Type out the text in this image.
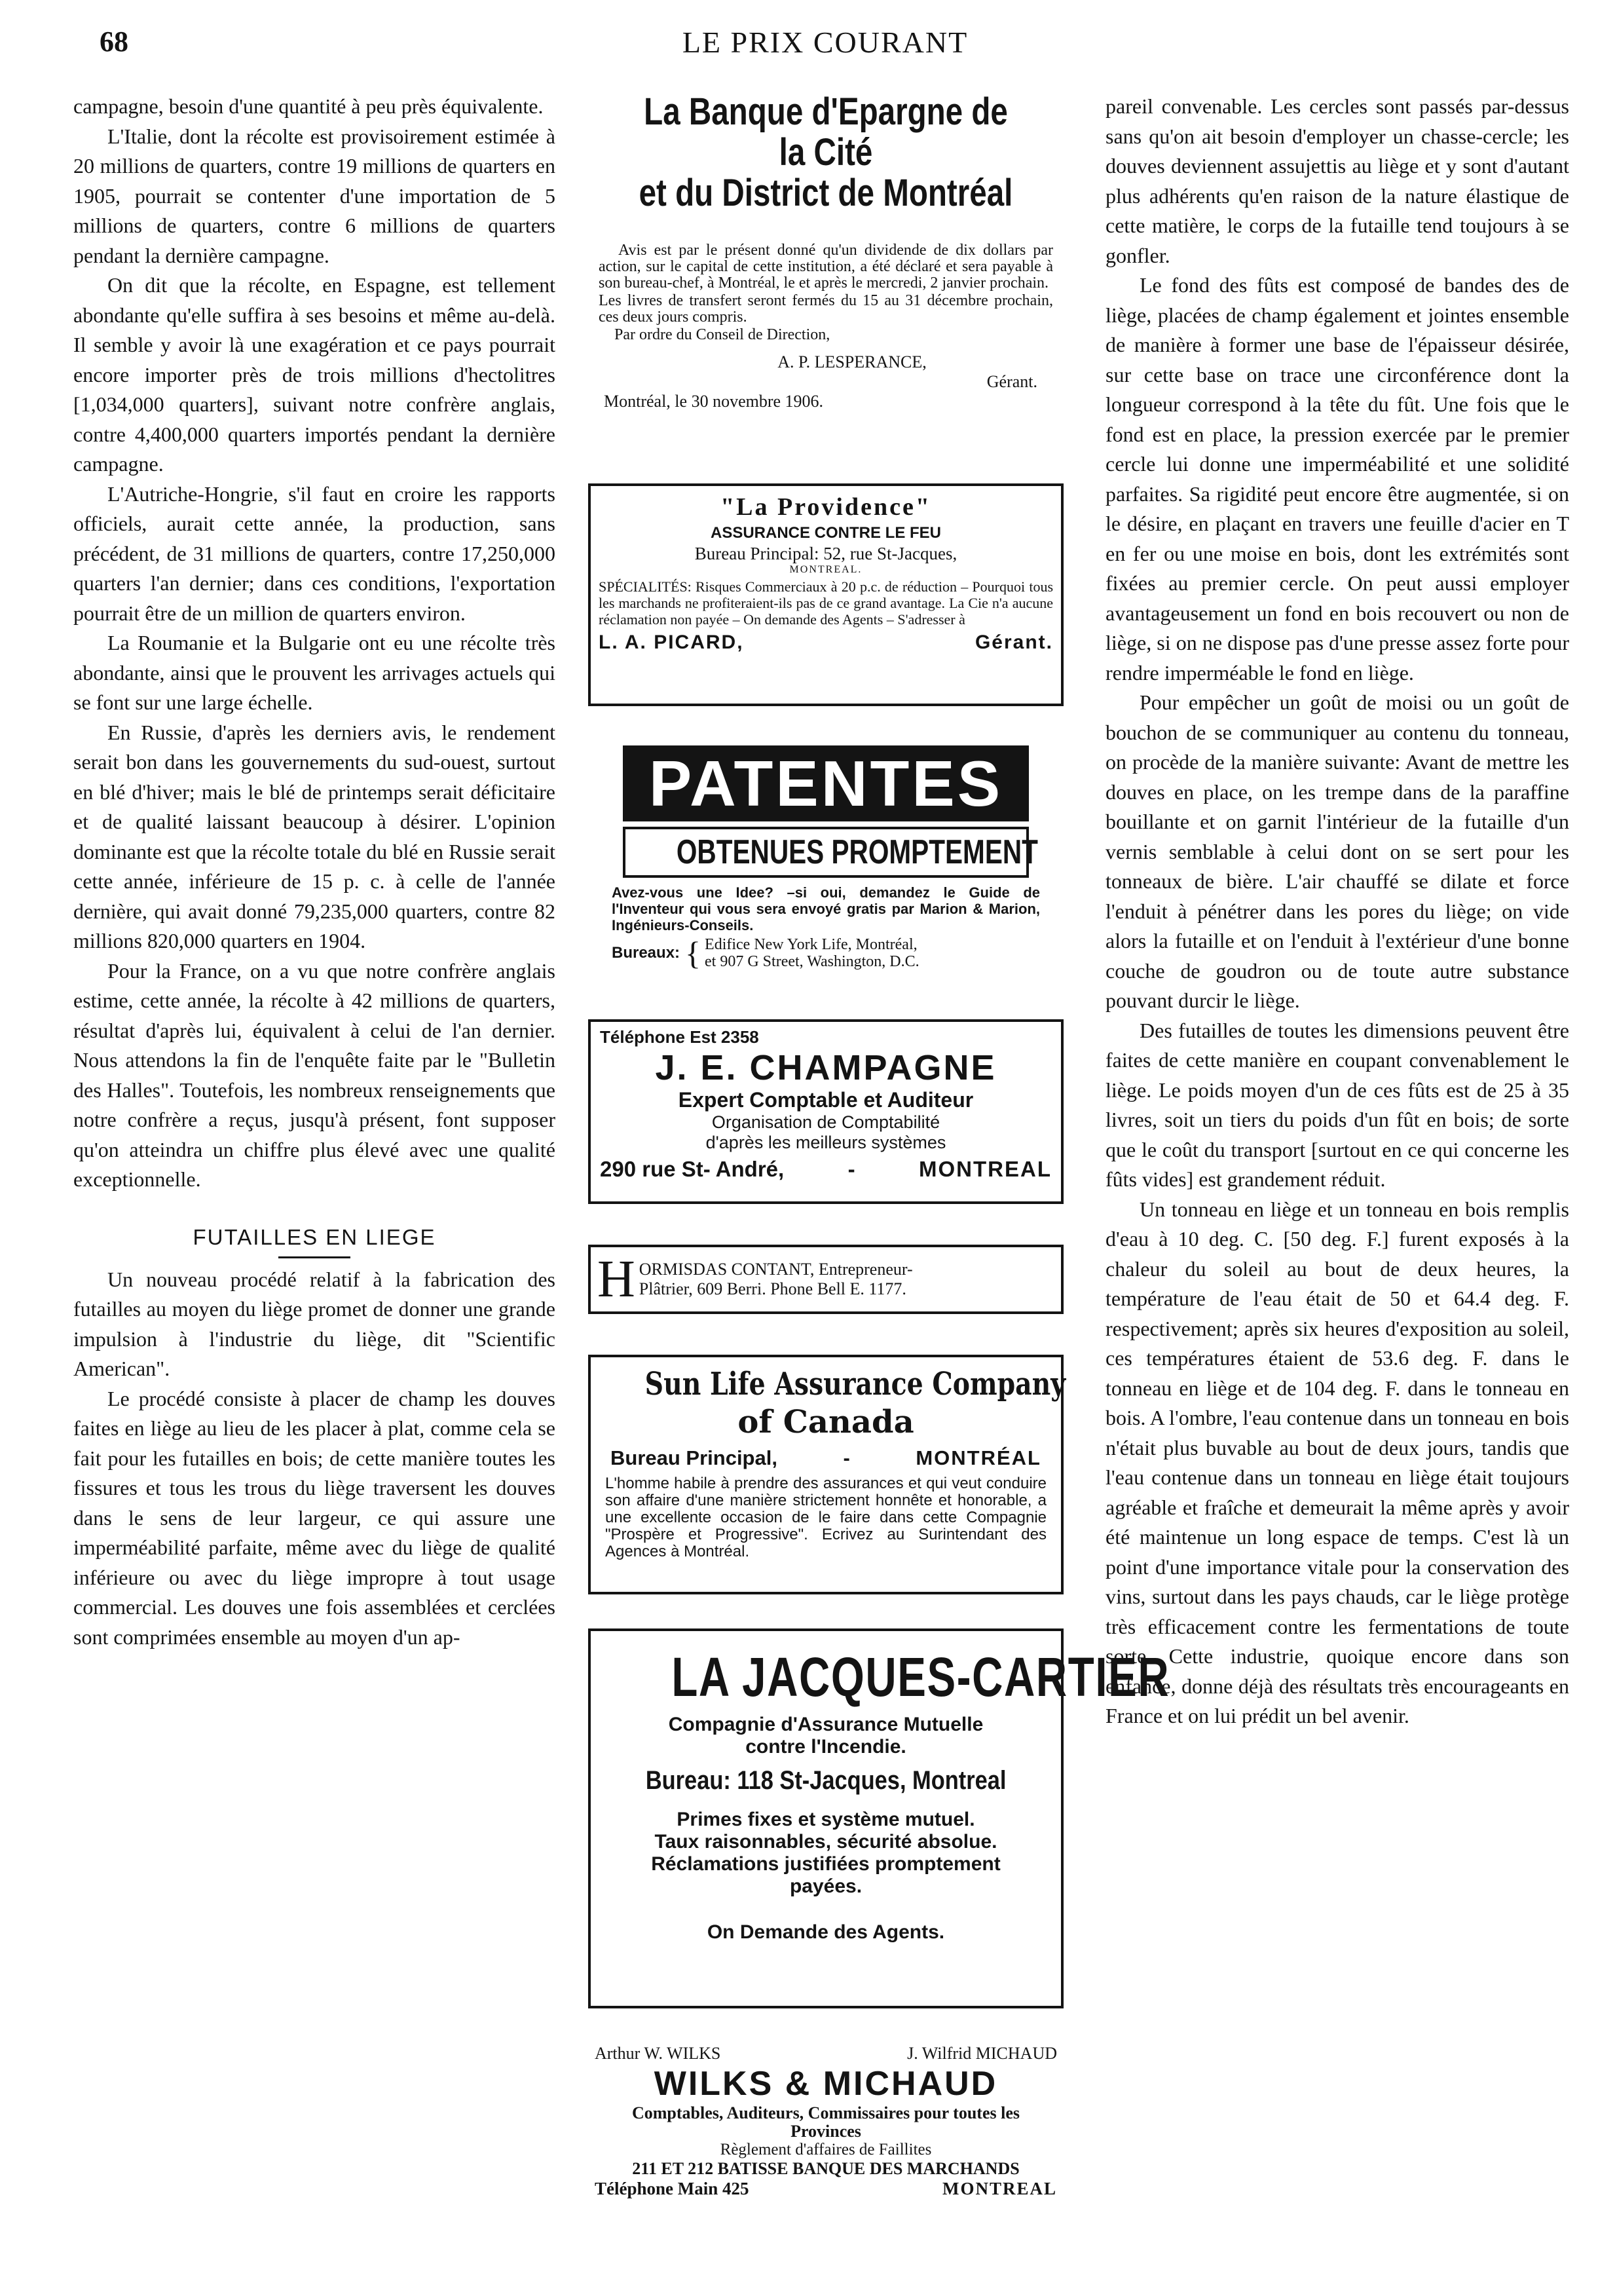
68	LE PRIX COURANT

campagne, besoin d'une quantité à peu près équivalente.

L'Italie, dont la récolte est provisoirement estimée à 20 millions de quarters, contre 19 millions de quarters en 1905, pourrait se contenter d'une importation de 5 millions de quarters, contre 6 millions de quarters pendant la dernière campagne.

On dit que la récolte, en Espagne, est tellement abondante qu'elle suffira à ses besoins et même au-delà. Il semble y avoir là une exagération et ce pays pourrait encore importer près de trois millions d'hectolitres [1,034,000 quarters], suivant notre confrère anglais, contre 4,400,000 quarters importés pendant la dernière campagne.

L'Autriche-Hongrie, s'il faut en croire les rapports officiels, aurait cette année, la production, sans précédent, de 31 millions de quarters, contre 17,250,000 quarters l'an dernier; dans ces conditions, l'exportation pourrait être de un million de quarters environ.

La Roumanie et la Bulgarie ont eu une récolte très abondante, ainsi que le prouvent les arrivages actuels qui se font sur une large échelle.

En Russie, d'après les derniers avis, le rendement serait bon dans les gouvernements du sud-ouest, surtout en blé d'hiver; mais le blé de printemps serait déficitaire et de qualité laissant beaucoup à désirer. L'opinion dominante est que la récolte totale du blé en Russie serait cette année, inférieure de 15 p. c. à celle de l'année dernière, qui avait donné 79,235,000 quarters, contre 82 millions 820,000 quarters en 1904.

Pour la France, on a vu que notre confrère anglais estime, cette année, la récolte à 42 millions de quarters, résultat d'après lui, équivalent à celui de l'an dernier. Nous attendons la fin de l'enquête faite par le "Bulletin des Halles". Toutefois, les nombreux renseignements que notre confrère a reçus, jusqu'à présent, font supposer qu'on atteindra un chiffre plus élevé avec une qualité exceptionnelle.

FUTAILLES EN LIEGE

Un nouveau procédé relatif à la fabrication des futailles au moyen du liège promet de donner une grande impulsion à l'industrie du liège, dit "Scientific American".

Le procédé consiste à placer de champ les douves faites en liège au lieu de les placer à plat, comme cela se fait pour les futailles en bois; de cette manière toutes les fissures et tous les trous du liège traversent les douves dans le sens de leur largeur, ce qui assure une imperméabilité parfaite, même avec du liège de qualité inférieure ou avec du liège impropre à tout usage commercial. Les douves une fois assemblées et cerclées sont comprimées ensemble au moyen d'un ap-

pareil convenable. Les cercles sont passés par-dessus sans qu'on ait besoin d'employer un chasse-cercle; les douves deviennent assujettis au liège et y sont d'autant plus adhérents qu'en raison de la nature élastique de cette matière, le corps de la futaille tend toujours à se gonfler.

Le fond des fûts est composé de bandes des de liège, placées de champ également et jointes ensemble de manière à former une base de l'épaisseur désirée, sur cette base on trace une circonférence dont la longueur correspond à la tête du fût. Une fois que le fond est en place, la pression exercée par le premier cercle lui donne une imperméabilité et une solidité parfaites. Sa rigidité peut encore être augmentée, si on le désire, en plaçant en travers une feuille d'acier en T en fer ou une moise en bois, dont les extrémités sont fixées au premier cercle. On peut aussi employer avantageusement un fond en bois recouvert ou non de liège, si on ne dispose pas d'une presse assez forte pour rendre imperméable le fond en liège.

Pour empêcher un goût de moisi ou un goût de bouchon de se communiquer au contenu du tonneau, on procède de la manière suivante: Avant de mettre les douves en place, on les trempe dans de la paraffine bouillante et on garnit l'intérieur de la futaille d'un vernis semblable à celui dont on se sert pour les tonneaux de bière. L'air chauffé se dilate et force l'enduit à pénétrer dans les pores du liège; on vide alors la futaille et on l'enduit à l'extérieur d'une bonne couche de goudron ou de toute autre substance pouvant durcir le liège.

Des futailles de toutes les dimensions peuvent être faites de cette manière en coupant convenablement le liège. Le poids moyen d'un de ces fûts est de 25 à 35 livres, soit un tiers du poids d'un fût en bois; de sorte que le coût du transport [surtout en ce qui concerne les fûts vides] est grandement réduit.

Un tonneau en liège et un tonneau en bois remplis d'eau à 10 deg. C. [50 deg. F.] furent exposés à la chaleur du soleil au bout de deux heures, la température de l'eau était de 50 et 64.4 deg. F. respectivement; après six heures d'exposition au soleil, ces températures étaient de 53.6 deg. F. dans le tonneau en liège et de 104 deg. F. dans le tonneau en bois. A l'ombre, l'eau contenue dans un tonneau en bois n'était plus buvable au bout de deux jours, tandis que l'eau contenue dans un tonneau en liège était toujours agréable et fraîche et demeurait la même après y avoir été maintenue un long espace de temps. C'est là un point d'une importance vitale pour la conservation des vins, surtout dans les pays chauds, car le liège protège très efficacement contre les fermentations de toute sorte. Cette industrie, quoique encore dans son enfance, donne déjà des résultats très encourageants en France et on lui prédit un bel avenir.

La Banque d'Epargne de la Cité
et du District de Montréal
Avis est par le présent donné qu'un dividende de dix dollars par action, sur le capital de cette institution, a été déclaré et sera payable à son bureau-chef, à Montréal, le et après le mercredi, 2 janvier prochain.
Les livres de transfert seront fermés du 15 au 31 décembre prochain, ces deux jours compris.
Par ordre du Conseil de Direction,
A. P. LESPERANCE,
Gérant.
Montréal, le 30 novembre 1906.
"La Providence"
ASSURANCE CONTRE LE FEU
Bureau Principal: 52, rue St-Jacques,
MONTREAL.
SPÉCIALITÉS: Risques Commerciaux à 20 p.c. de réduction – Pourquoi tous les marchands ne profiteraient-ils pas de ce grand avantage. La Cie n'a aucune réclamation non payée – On demande des Agents – S'adresser à
L. A. PICARD,	Gérant.
PATENTES
OBTENUES PROMPTEMENT
Avez-vous une Idee? –si oui, demandez le Guide de l'Inventeur qui vous sera envoyé gratis par Marion & Marion, Ingénieurs-Conseils.
Bureaux: { Edifice New York Life, Montréal,
et 907 G Street, Washington, D.C.
Téléphone Est 2358
J. E. CHAMPAGNE
Expert Comptable et Auditeur
Organisation de Comptabilité
d'après les meilleurs systèmes
290 rue St- André,	-	MONTREAL
H ORMISDAS CONTANT, Entrepreneur-
Plâtrier, 609 Berri. Phone Bell E. 1177.
Sun Life Assurance Company
of Canada
Bureau Principal,	-	MONTRÉAL
L'homme habile à prendre des assurances et qui veut conduire son affaire d'une manière strictement honnête et honorable, a une excellente occasion de le faire dans cette Compagnie "Prospère et Progressive". Ecrivez au Surintendant des Agences à Montréal.
LA JACQUES-CARTIER
Compagnie d'Assurance Mutuelle
contre l'Incendie.
Bureau: 118 St-Jacques, Montreal
Primes fixes et système mutuel.
Taux raisonnables, sécurité absolue.
Réclamations justifiées promptement
payées.
On Demande des Agents.
Arthur W. WILKS	J. Wilfrid MICHAUD
WILKS & MICHAUD
Comptables, Auditeurs, Commissaires pour toutes les Provinces
Règlement d'affaires de Faillites
211 ET 212 BATISSE BANQUE DES MARCHANDS
Téléphone Main 425	MONTREAL
